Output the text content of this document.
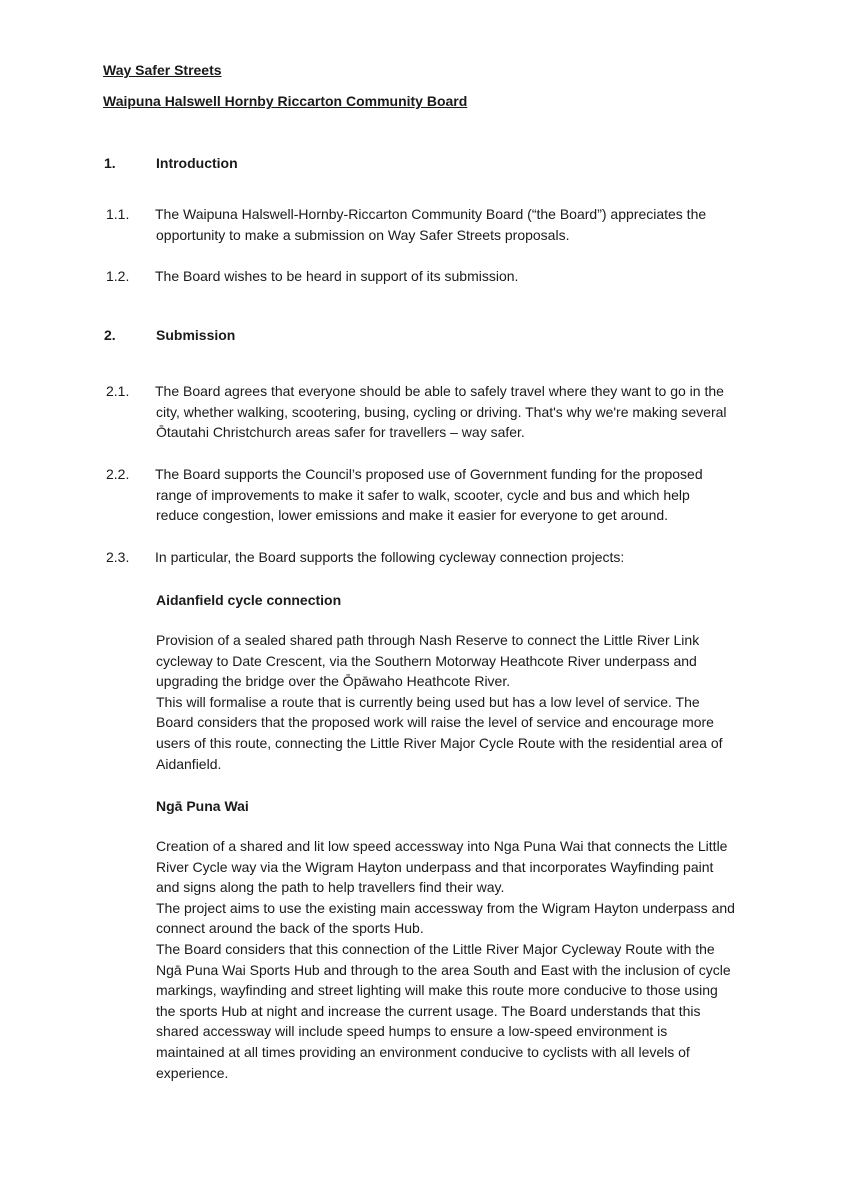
Way Safer Streets
Waipuna Halswell Hornby Riccarton Community Board
1.	Introduction
1.1. The Waipuna Halswell-Hornby-Riccarton Community Board (“the Board”) appreciates the

opportunity to make a submission on Way Safer Streets proposals.

1.2. The Board wishes to be heard in support of its submission.

2.	Submission
2.1. The Board agrees that everyone should be able to safely travel where they want to go in the

city, whether walking, scootering, busing, cycling or driving. That's why we're making several

Ōtautahi Christchurch areas safer for travellers – way safer.

2.2. The Board supports the Council’s proposed use of Government funding for the proposed

range of improvements to make it safer to walk, scooter, cycle and bus and which help

reduce congestion, lower emissions and make it easier for everyone to get around.

2.3. In particular, the Board supports the following cycleway connection projects:

Aidanfield cycle connection

Provision of a sealed shared path through Nash Reserve to connect the Little River Link

cycleway to Date Crescent, via the Southern Motorway Heathcote River underpass and

upgrading the bridge over the Ōpāwaho Heathcote River.

This will formalise a route that is currently being used but has a low level of service. The

Board considers that the proposed work will raise the level of service and encourage more

users of this route, connecting the Little River Major Cycle Route with the residential area of

Aidanfield.

Ngā Puna Wai

Creation of a shared and lit low speed accessway into Nga Puna Wai that connects the Little

River Cycle way via the Wigram Hayton underpass and that incorporates Wayfinding paint

and signs along the path to help travellers find their way.

The project aims to use the existing main accessway from the Wigram Hayton underpass and

connect around the back of the sports Hub.

The Board considers that this connection of the Little River Major Cycleway Route with the

Ngā Puna Wai Sports Hub and through to the area South and East with the inclusion of cycle

markings, wayfinding and street lighting will make this route more conducive to those using

the sports Hub at night and increase the current usage. The Board understands that this

shared accessway will include speed humps to ensure a low-speed environment is

maintained at all times providing an environment conducive to cyclists with all levels of

experience.
